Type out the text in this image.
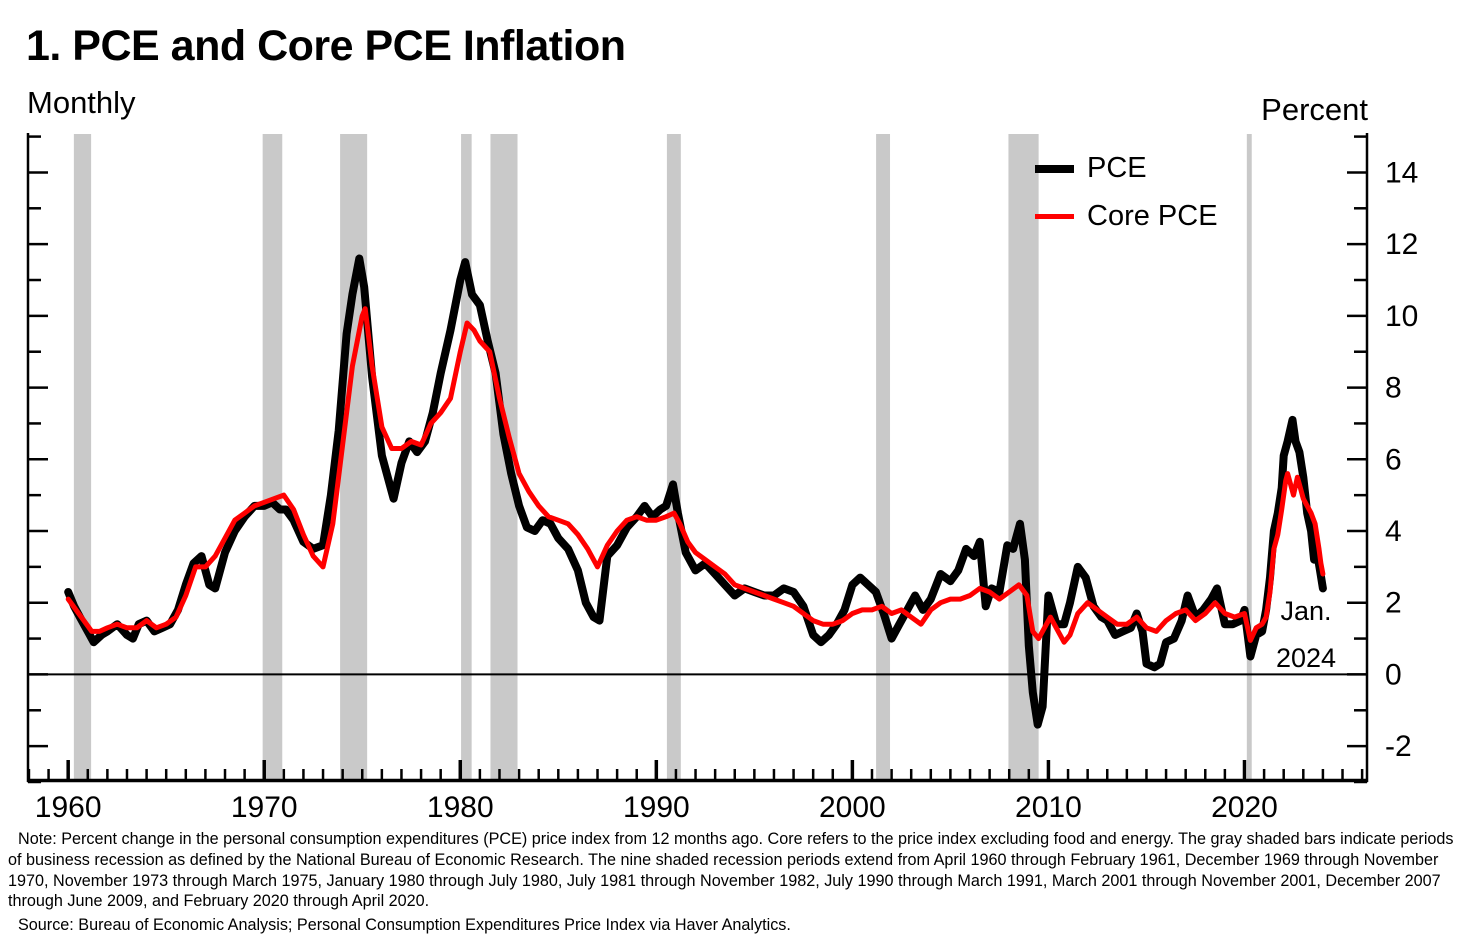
1960	1970	1980	1990	2000	2010	2020
-2
0
2
4
6
8
10
12
14
1. PCE and Core PCE Inflation
Monthly	Percent
PCE
Core PCE
Jan.
2024
Note: Percent change in the personal consumption expenditures (PCE) price index from 12 months ago. Core refers to the price index excluding food and energy. The gray shaded bars indicate periods of business recession as defined by the National Bureau of Economic Research. The nine shaded recession periods extend from April 1960 through February 1961, December 1969 through November 1970, November 1973 through March 1975, January 1980 through July 1980, July 1981 through November 1982, July 1990 through March 1991, March 2001 through November 2001, December 2007 through June 2009, and February 2020 through April 2020.
Source: Bureau of Economic Analysis; Personal Consumption Expenditures Price Index via Haver Analytics.
